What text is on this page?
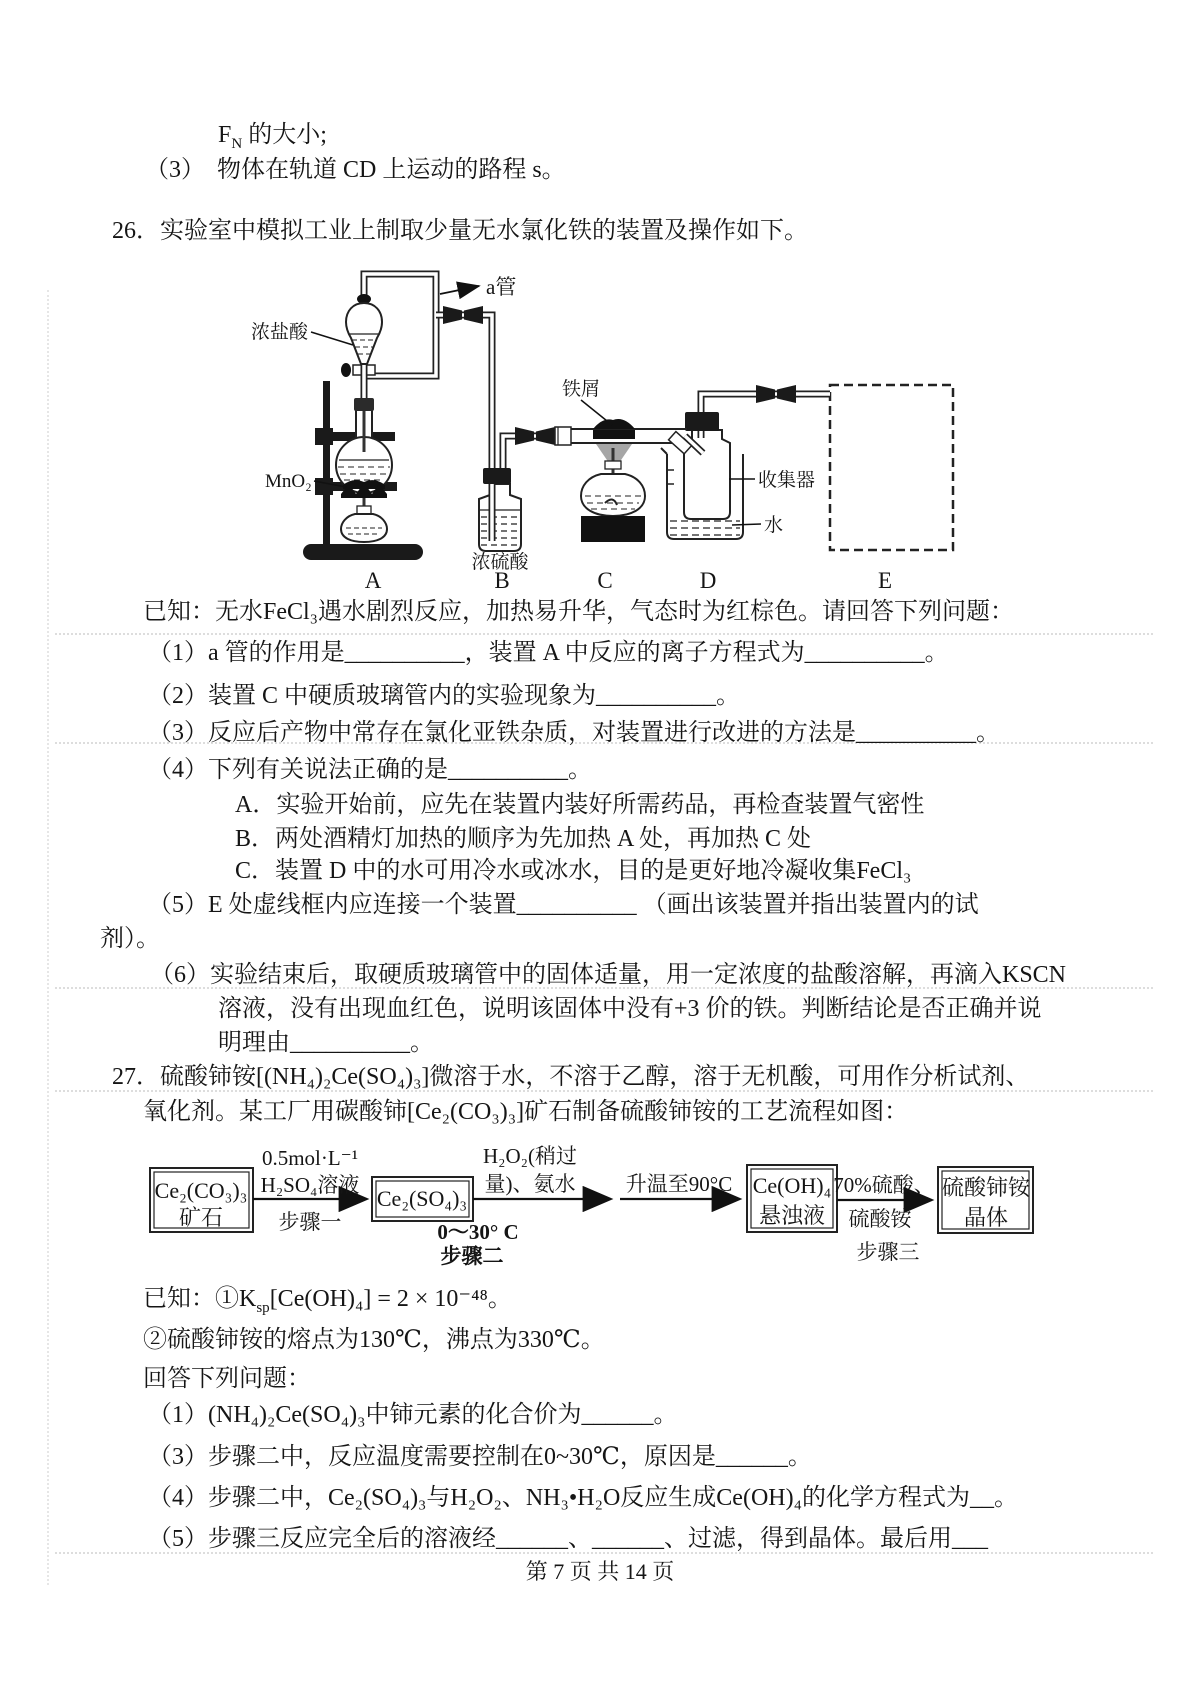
$F_N$ 的大小;
（3）　物体在轨道 CD 上运动的路程 s。
26．实验室中模拟工业上制取少量无水氯化铁的装置及操作如下。
a管
浓盐酸
MnO₂
铁屑
收集器
水
浓硫酸
A	B	C	D	E
已知：无水FeCl₃遇水剧烈反应，加热易升华，气态时为红棕色。请回答下列问题：
（1）a 管的作用是__________，装置 A 中反应的离子方程式为__________。
（2）装置 C 中硬质玻璃管内的实验现象为__________。
（3）反应后产物中常存在氯化亚铁杂质，对装置进行改进的方法是__________。
（4）下列有关说法正确的是__________。
A．实验开始前，应先在装置内装好所需药品，再检查装置气密性
B．两处酒精灯加热的顺序为先加热 A 处，再加热 C 处
C．装置 D 中的水可用冷水或冰水，目的是更好地冷凝收集FeCl₃
（5）E 处虚线框内应连接一个装置__________ （画出该装置并指出装置内的试
剂）。
（6）实验结束后，取硬质玻璃管中的固体适量，用一定浓度的盐酸溶解，再滴入KSCN
溶液，没有出现血红色，说明该固体中没有+3 价的铁。判断结论是否正确并说
明理由__________。
27．硫酸铈铵[(NH₄)₂Ce(SO₄)₃]微溶于水，不溶于乙醇，溶于无机酸，可用作分析试剂、
氧化剂。某工厂用碳酸铈[Ce₂(CO₃)₃]矿石制备硫酸铈铵的工艺流程如图：
Ce₂(CO₃)₃
矿石
0.5mol·L⁻¹
H₂SO₄溶液
步骤一
Ce₂(SO₄)₃
H₂O₂(稍过
量)、氨水
0～30° C
步骤二
升温至90°C Ce(OH)₄
悬浊液
70%硫酸、
硫酸铵
步骤三
硫酸铈铵
晶体
已知：$①K_{sp}[Ce(OH)_4] = 2 \times 10^{-48}$。
②硫酸铈铵的熔点为130℃，沸点为330℃。
回答下列问题：
（1）(NH₄)₂Ce(SO₄)₃中铈元素的化合价为______。
（3）步骤二中，反应温度需要控制在0~30℃，原因是______。
（4）步骤二中，Ce₂(SO₄)₃与H₂O₂、NH₃•H₂O反应生成Ce(OH)₄的化学方程式为__。
（5）步骤三反应完全后的溶液经______、______、过滤，得到晶体。最后用___
第 7 页 共 14 页
